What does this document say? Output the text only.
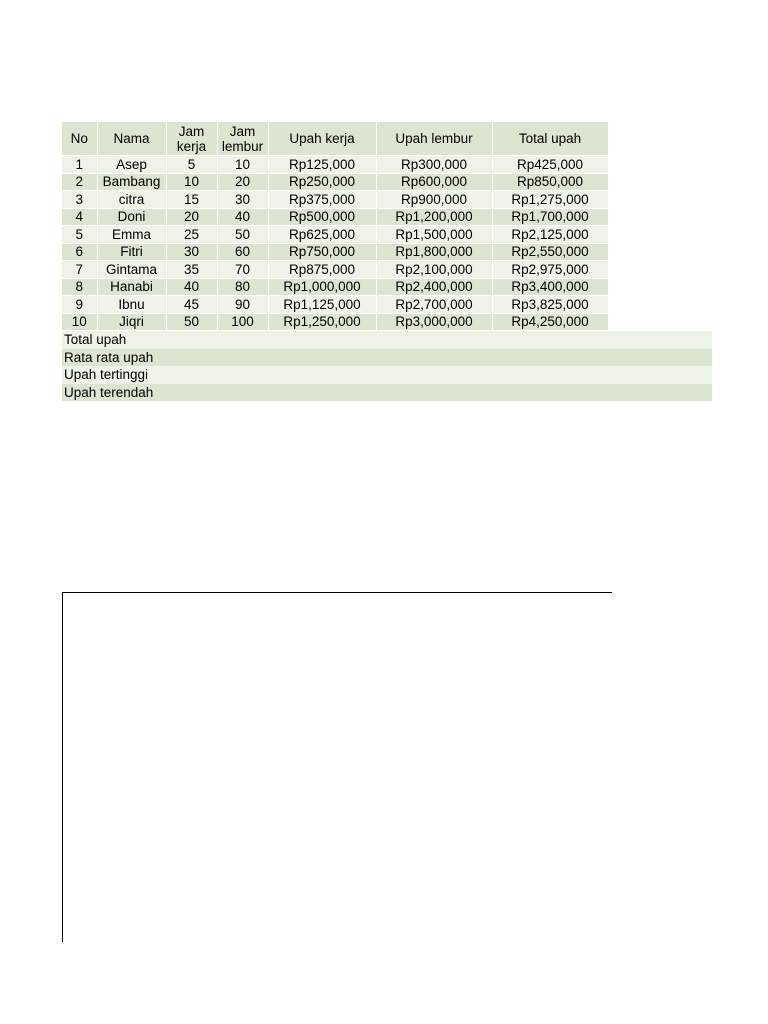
No	Nama	Jam kerja	Jam lembur	Upah kerja	Upah lembur	Total upah
1	Asep	5	10	Rp125,000	Rp300,000	Rp425,000
2	Bambang	10	20	Rp250,000	Rp600,000	Rp850,000
3	citra	15	30	Rp375,000	Rp900,000	Rp1,275,000
4	Doni	20	40	Rp500,000	Rp1,200,000	Rp1,700,000
5	Emma	25	50	Rp625,000	Rp1,500,000	Rp2,125,000
6	Fitri	30	60	Rp750,000	Rp1,800,000	Rp2,550,000
7	Gintama	35	70	Rp875,000	Rp2,100,000	Rp2,975,000
8	Hanabi	40	80	Rp1,000,000	Rp2,400,000	Rp3,400,000
9	Ibnu	45	90	Rp1,125,000	Rp2,700,000	Rp3,825,000
10	Jiqri	50	100	Rp1,250,000	Rp3,000,000	Rp4,250,000
Total upah
Rata rata upah
Upah tertinggi
Upah terendah
